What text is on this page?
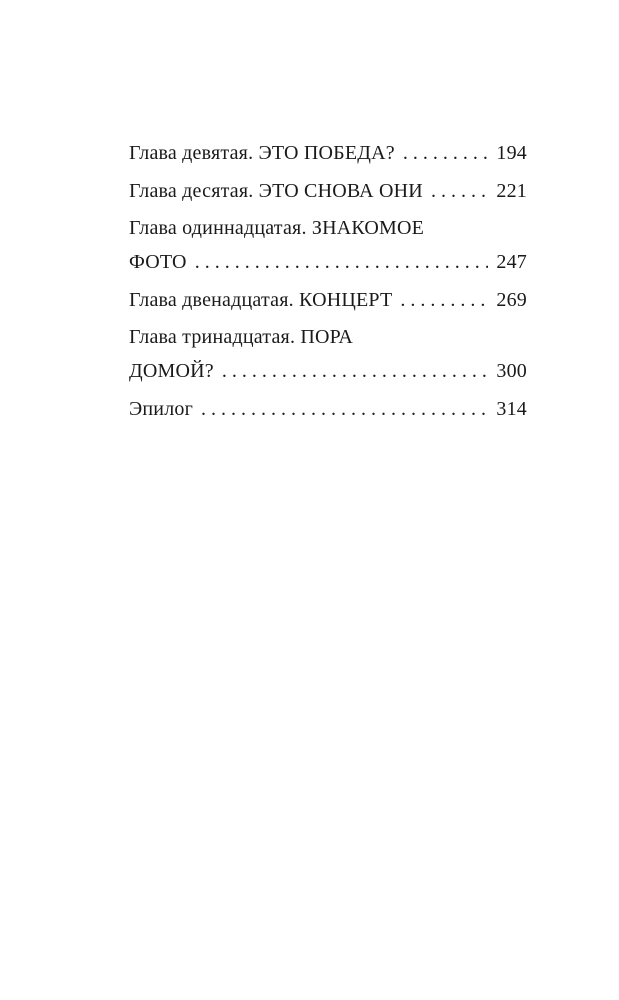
Глава девятая. ЭТО ПОБЕДА? . . .	194
Глава десятая. ЭТО СНОВА ОНИ . . .	221
Глава одиннадцатая. ЗНАКОМОЕ
ФОТО . . .	247
Глава двенадцатая. КОНЦЕРТ . . .	269
Глава тринадцатая. ПОРА
ДОМОЙ? . . .	300
Эпилог . . .	314
